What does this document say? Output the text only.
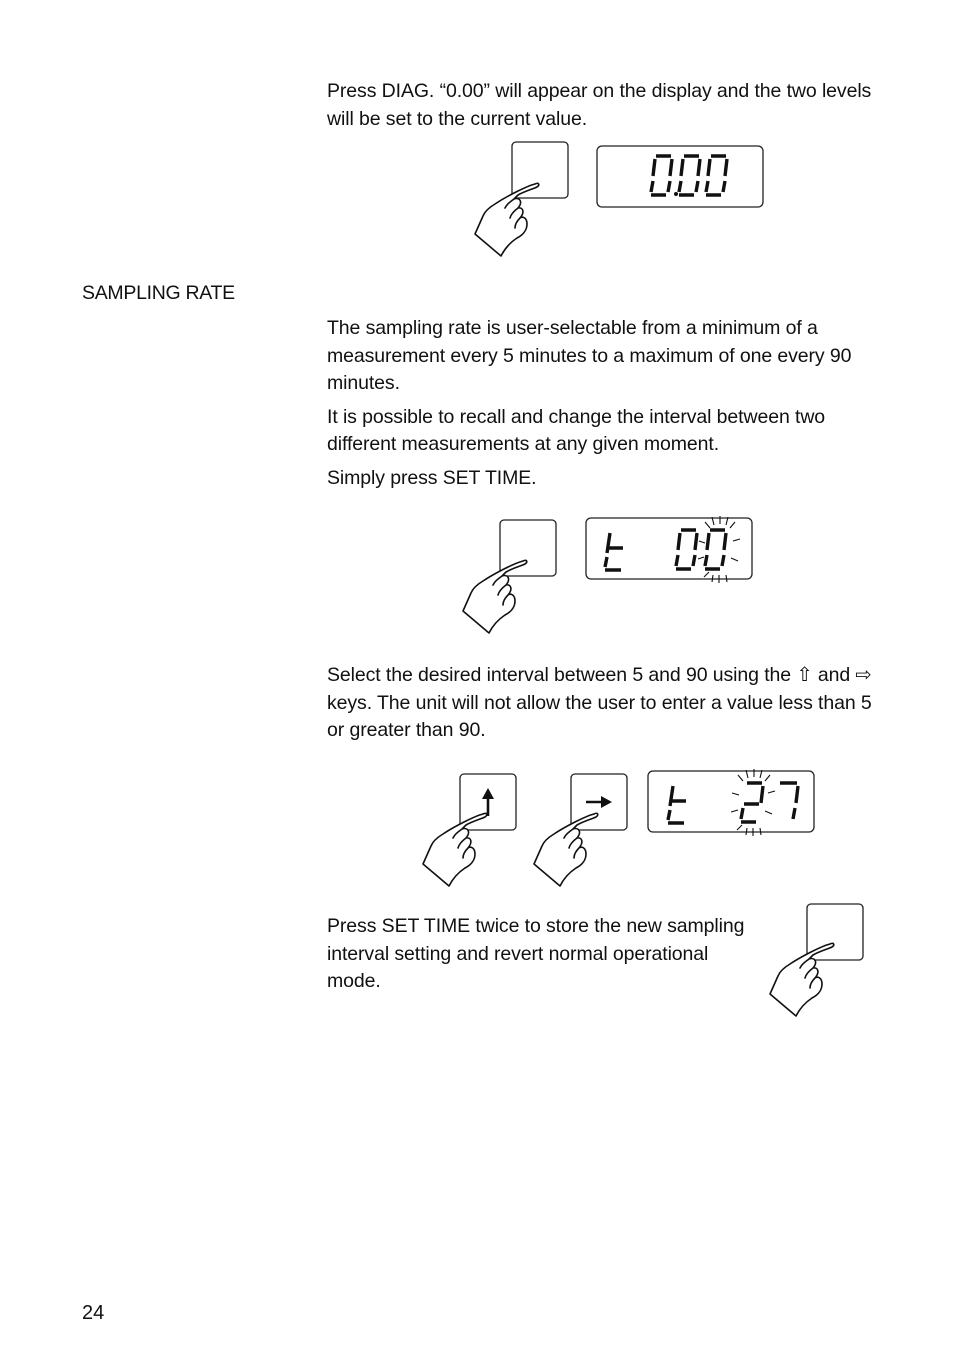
Press DIAG. “0.00” will appear on the display and the two levels will be set to the current value.

SAMPLING RATE

The sampling rate is user-selectable from a minimum of a measurement every 5 minutes to a maximum of one every 90 minutes.

It is possible to recall and change the interval between two different measurements at any given moment.

Simply press SET TIME.

Select the desired interval between 5 and 90 using the ⇧ and ⇨ keys. The unit will not allow the user to enter a value less than 5 or greater than 90.

Press SET TIME twice to store the new sampling interval setting and revert normal operational mode.

24
